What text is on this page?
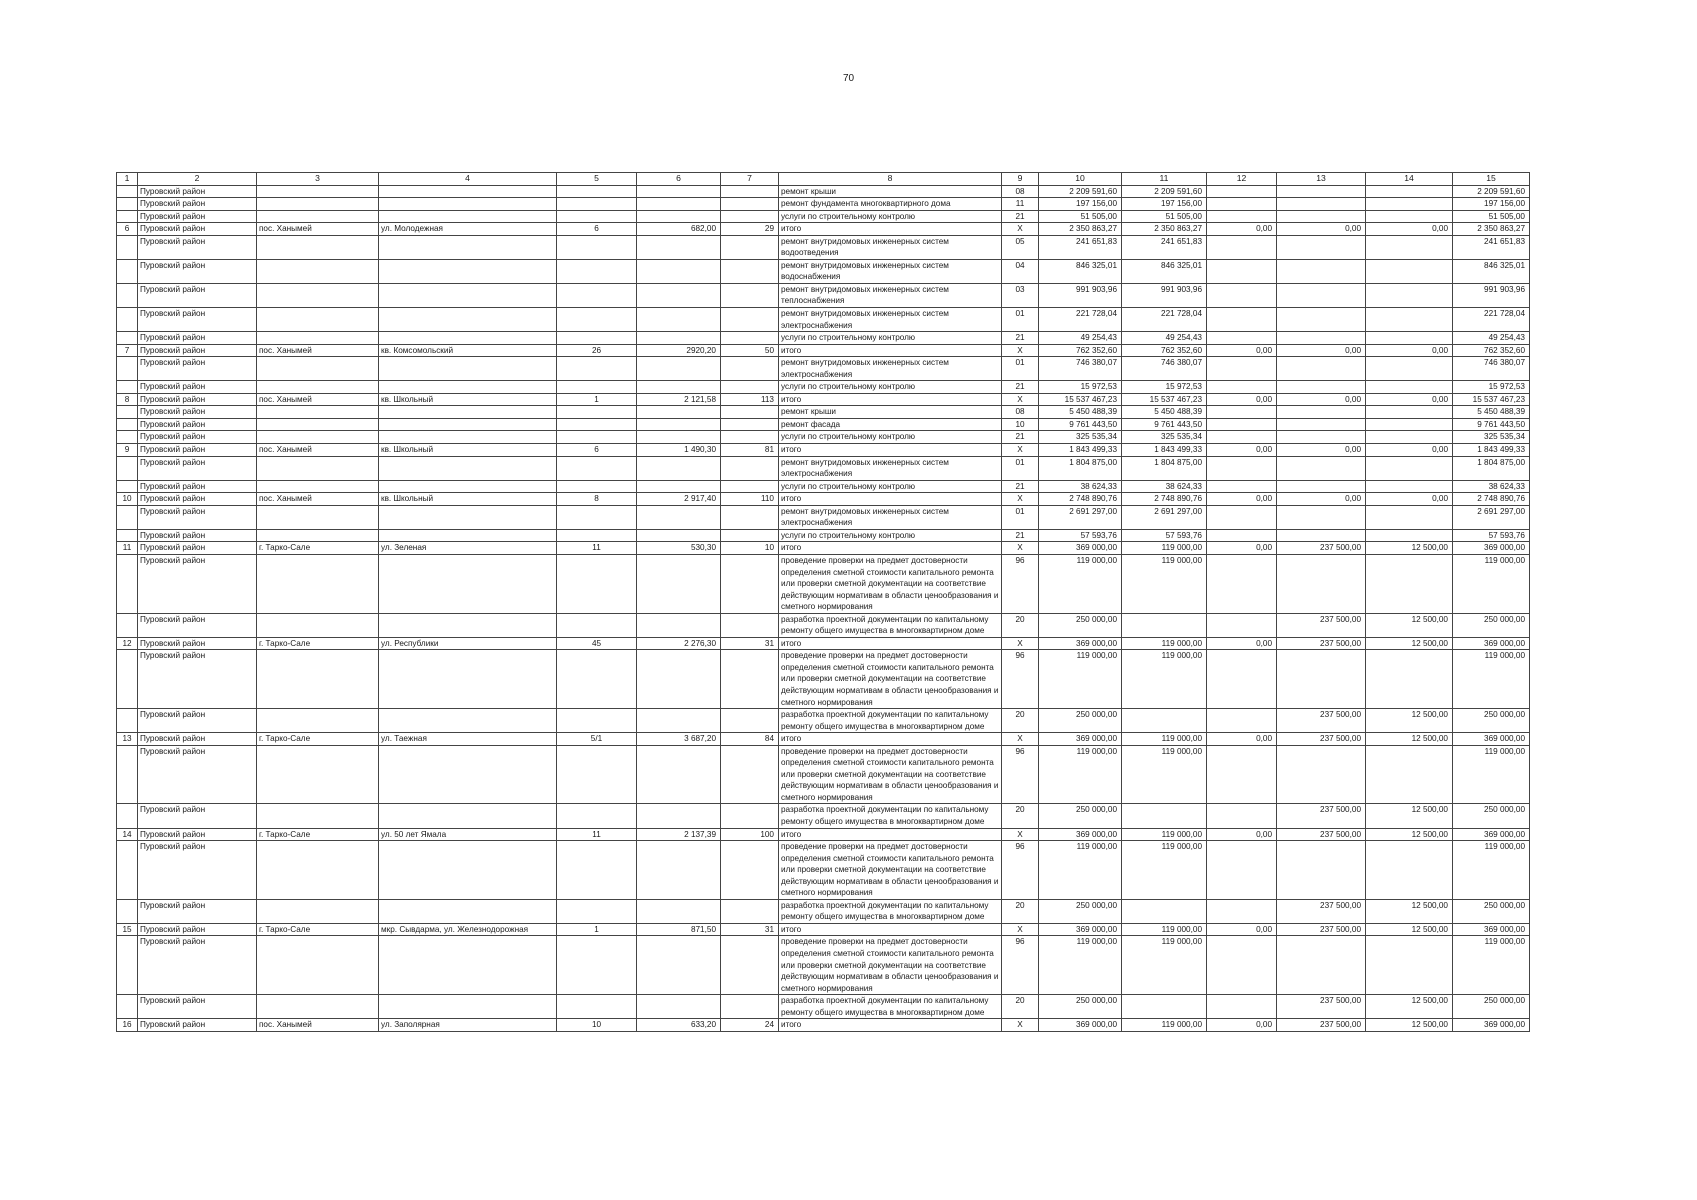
70
1	2	3	4	5	6	7	8	9	10	11	12	13	14	15
	Пуровский район						ремонт крыши	08	2 209 591,60	2 209 591,60				2 209 591,60
	Пуровский район						ремонт фундамента многоквартирного дома	11	197 156,00	197 156,00				197 156,00
	Пуровский район						услуги по строительному контролю	21	51 505,00	51 505,00				51 505,00
6	Пуровский район	пос. Ханымей	ул. Молодежная	6	682,00	29	итого	X	2 350 863,27	2 350 863,27	0,00	0,00	0,00	2 350 863,27
	Пуровский район						ремонт внутридомовых инженерных систем водоотведения	05	241 651,83	241 651,83				241 651,83
	Пуровский район						ремонт внутридомовых инженерных систем водоснабжения	04	846 325,01	846 325,01				846 325,01
	Пуровский район						ремонт внутридомовых инженерных систем теплоснабжения	03	991 903,96	991 903,96				991 903,96
	Пуровский район						ремонт внутридомовых инженерных систем электроснабжения	01	221 728,04	221 728,04				221 728,04
	Пуровский район						услуги по строительному контролю	21	49 254,43	49 254,43				49 254,43
7	Пуровский район	пос. Ханымей	кв. Комсомольский	26	2920,20	50	итого	X	762 352,60	762 352,60	0,00	0,00	0,00	762 352,60
	Пуровский район						ремонт внутридомовых инженерных систем электроснабжения	01	746 380,07	746 380,07				746 380,07
	Пуровский район						услуги по строительному контролю	21	15 972,53	15 972,53				15 972,53
8	Пуровский район	пос. Ханымей	кв. Школьный	1	2 121,58	113	итого	X	15 537 467,23	15 537 467,23	0,00	0,00	0,00	15 537 467,23
	Пуровский район						ремонт крыши	08	5 450 488,39	5 450 488,39				5 450 488,39
	Пуровский район						ремонт фасада	10	9 761 443,50	9 761 443,50				9 761 443,50
	Пуровский район						услуги по строительному контролю	21	325 535,34	325 535,34				325 535,34
9	Пуровский район	пос. Ханымей	кв. Школьный	6	1 490,30	81	итого	X	1 843 499,33	1 843 499,33	0,00	0,00	0,00	1 843 499,33
	Пуровский район						ремонт внутридомовых инженерных систем электроснабжения	01	1 804 875,00	1 804 875,00				1 804 875,00
	Пуровский район						услуги по строительному контролю	21	38 624,33	38 624,33				38 624,33
10	Пуровский район	пос. Ханымей	кв. Школьный	8	2 917,40	110	итого	X	2 748 890,76	2 748 890,76	0,00	0,00	0,00	2 748 890,76
	Пуровский район						ремонт внутридомовых инженерных систем электроснабжения	01	2 691 297,00	2 691 297,00				2 691 297,00
	Пуровский район						услуги по строительному контролю	21	57 593,76	57 593,76				57 593,76
11	Пуровский район	г. Тарко-Сале	ул. Зеленая	11	530,30	10	итого	X	369 000,00	119 000,00	0,00	237 500,00	12 500,00	369 000,00
	Пуровский район						проведение проверки на предмет достоверности определения сметной стоимости капитального ремонта или проверки сметной документации на соответствие действующим нормативам в области ценообразования и сметного нормирования	96	119 000,00	119 000,00				119 000,00
	Пуровский район						разработка проектной документации по капитальному ремонту общего имущества в многоквартирном доме	20	250 000,00			237 500,00	12 500,00	250 000,00
12	Пуровский район	г. Тарко-Сале	ул. Республики	45	2 276,30	31	итого	X	369 000,00	119 000,00	0,00	237 500,00	12 500,00	369 000,00
	Пуровский район						проведение проверки на предмет достоверности определения сметной стоимости капитального ремонта или проверки сметной документации на соответствие действующим нормативам в области ценообразования и сметного нормирования	96	119 000,00	119 000,00				119 000,00
	Пуровский район						разработка проектной документации по капитальному ремонту общего имущества в многоквартирном доме	20	250 000,00			237 500,00	12 500,00	250 000,00
13	Пуровский район	г. Тарко-Сале	ул. Таежная	5/1	3 687,20	84	итого	X	369 000,00	119 000,00	0,00	237 500,00	12 500,00	369 000,00
	Пуровский район						проведение проверки на предмет достоверности определения сметной стоимости капитального ремонта или проверки сметной документации на соответствие действующим нормативам в области ценообразования и сметного нормирования	96	119 000,00	119 000,00				119 000,00
	Пуровский район						разработка проектной документации по капитальному ремонту общего имущества в многоквартирном доме	20	250 000,00			237 500,00	12 500,00	250 000,00
14	Пуровский район	г. Тарко-Сале	ул. 50 лет Ямала	11	2 137,39	100	итого	X	369 000,00	119 000,00	0,00	237 500,00	12 500,00	369 000,00
	Пуровский район						проведение проверки на предмет достоверности определения сметной стоимости капитального ремонта или проверки сметной документации на соответствие действующим нормативам в области ценообразования и сметного нормирования	96	119 000,00	119 000,00				119 000,00
	Пуровский район						разработка проектной документации по капитальному ремонту общего имущества в многоквартирном доме	20	250 000,00			237 500,00	12 500,00	250 000,00
15	Пуровский район	г. Тарко-Сале	мкр. Сывдарма, ул. Железнодорожная	1	871,50	31	итого	X	369 000,00	119 000,00	0,00	237 500,00	12 500,00	369 000,00
	Пуровский район						проведение проверки на предмет достоверности определения сметной стоимости капитального ремонта или проверки сметной документации на соответствие действующим нормативам в области ценообразования и сметного нормирования	96	119 000,00	119 000,00				119 000,00
	Пуровский район						разработка проектной документации по капитальному ремонту общего имущества в многоквартирном доме	20	250 000,00			237 500,00	12 500,00	250 000,00
16	Пуровский район	пос. Ханымей	ул. Заполярная	10	633,20	24	итого	X	369 000,00	119 000,00	0,00	237 500,00	12 500,00	369 000,00
